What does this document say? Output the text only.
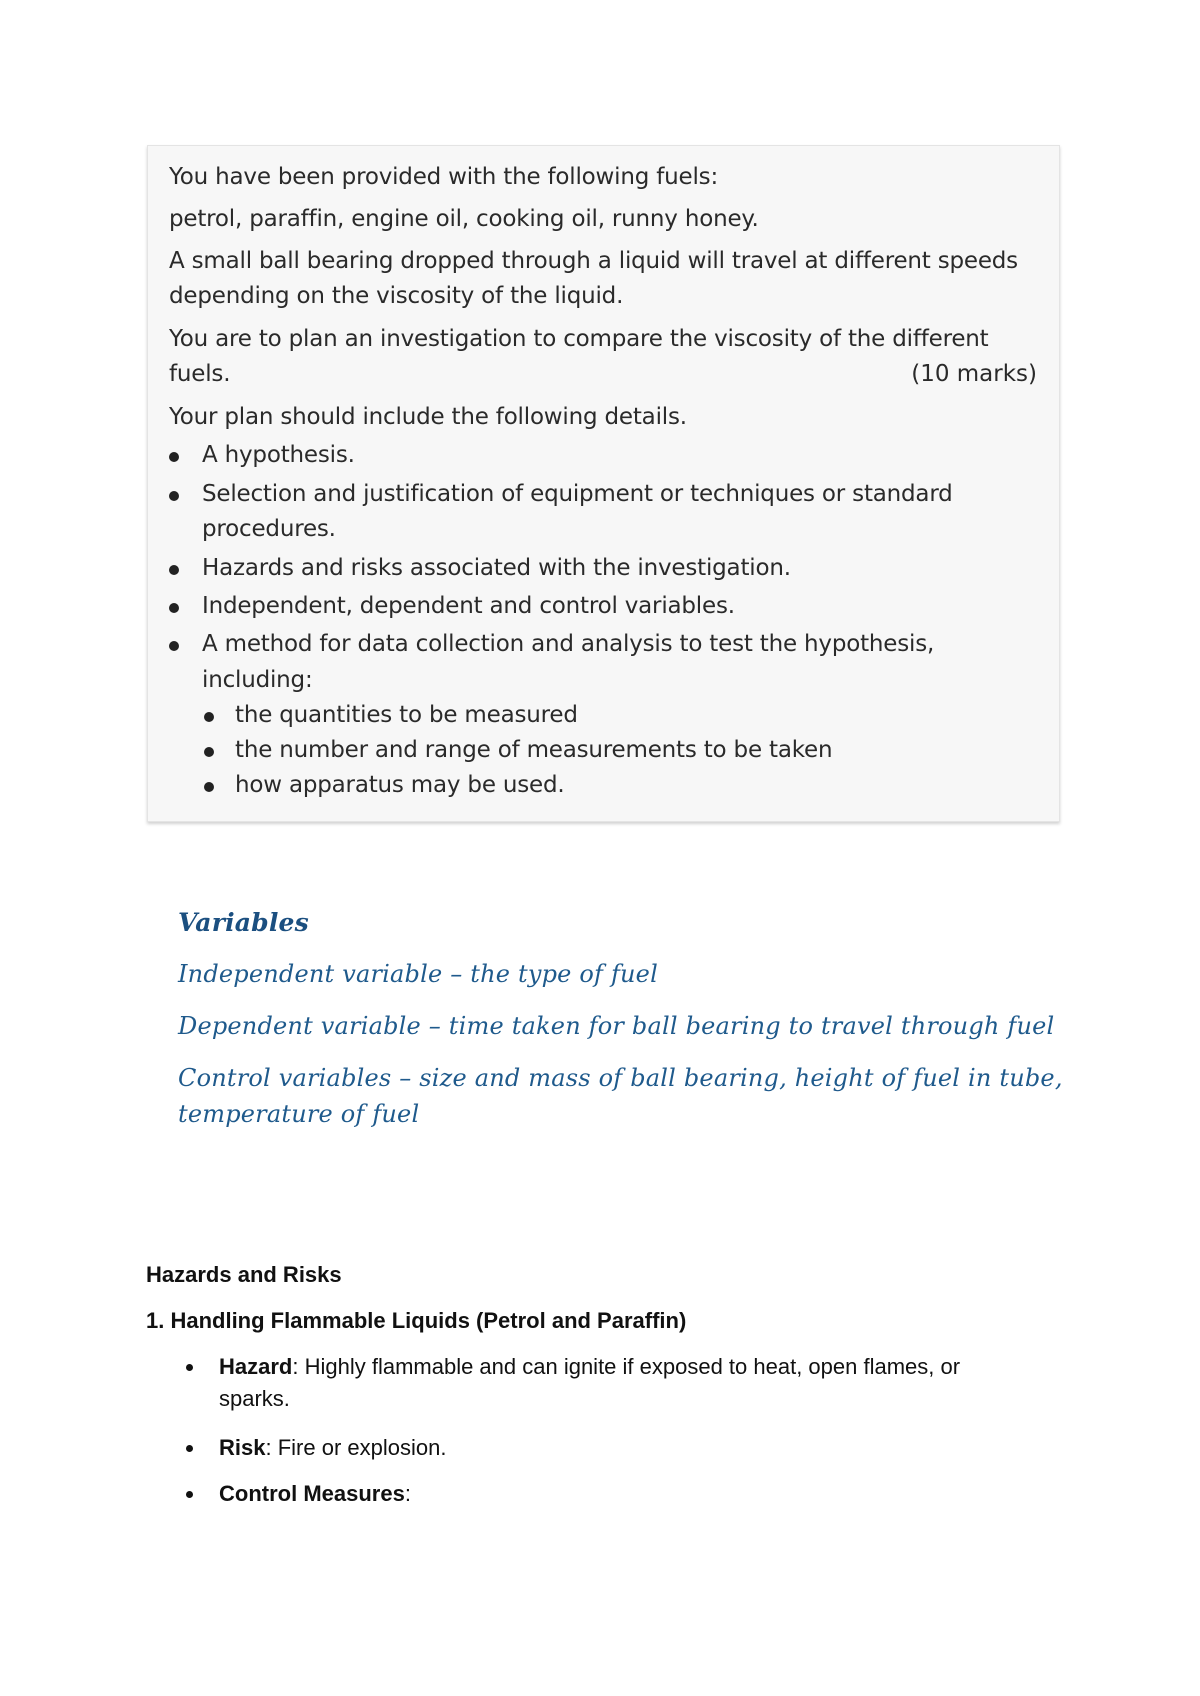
You have been provided with the following fuels:
petrol, paraffin, engine oil, cooking oil, runny honey.
A small ball bearing dropped through a liquid will travel at different speeds
depending on the viscosity of the liquid.
You are to plan an investigation to compare the viscosity of the different
fuels.	(10 marks)
Your plan should include the following details.
A hypothesis.
Selection and justification of equipment or techniques or standard
procedures.
Hazards and risks associated with the investigation.
Independent, dependent and control variables.
A method for data collection and analysis to test the hypothesis,
including:
the quantities to be measured
the number and range of measurements to be taken
how apparatus may be used.
Variables
Independent variable – the type of fuel
Dependent variable – time taken for ball bearing to travel through fuel
Control variables – size and mass of ball bearing, height of fuel in tube,
temperature of fuel
Hazards and Risks
1. Handling Flammable Liquids (Petrol and Paraffin)
Hazard: Highly flammable and can ignite if exposed to heat, open flames, or
sparks.
Risk: Fire or explosion.
Control Measures:
